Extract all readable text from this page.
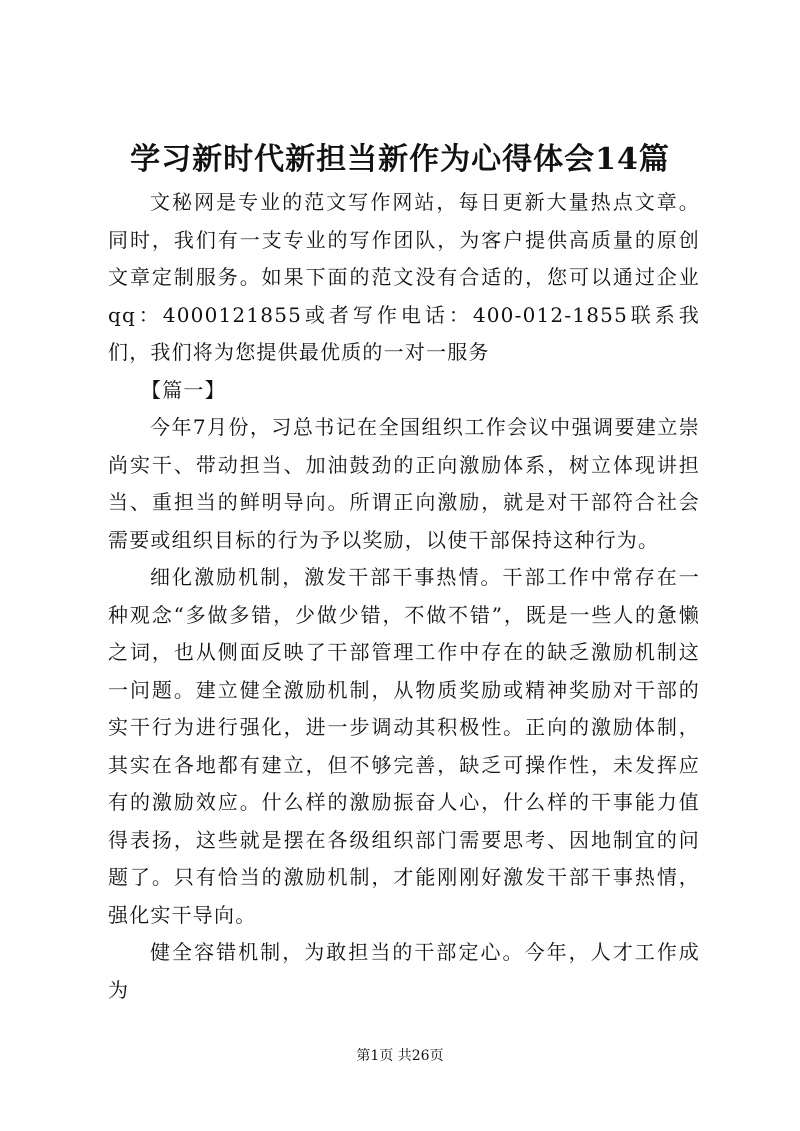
学习新时代新担当新作为心得体会14篇

文秘网是专业的范文写作网站，每日更新大量热点文章。同时，我们有一支专业的写作团队，为客户提供高质量的原创文章定制服务。如果下面的范文没有合适的，您可以通过企业qq：4000121855或者写作电话：400-012-1855联系我们，我们将为您提供最优质的一对一服务

【篇一】

今年7月份，习总书记在全国组织工作会议中强调要建立崇尚实干、带动担当、加油鼓劲的正向激励体系，树立体现讲担当、重担当的鲜明导向。所谓正向激励，就是对干部符合社会需要或组织目标的行为予以奖励，以使干部保持这种行为。

细化激励机制，激发干部干事热情。干部工作中常存在一种观念“多做多错，少做少错，不做不错”，既是一些人的惫懒之词，也从侧面反映了干部管理工作中存在的缺乏激励机制这一问题。建立健全激励机制，从物质奖励或精神奖励对干部的实干行为进行强化，进一步调动其积极性。正向的激励体制，其实在各地都有建立，但不够完善，缺乏可操作性，未发挥应有的激励效应。什么样的激励振奋人心，什么样的干事能力值得表扬，这些就是摆在各级组织部门需要思考、因地制宜的问题了。只有恰当的激励机制，才能刚刚好激发干部干事热情，强化实干导向。

健全容错机制，为敢担当的干部定心。今年，人才工作成为

第1页 共26页
